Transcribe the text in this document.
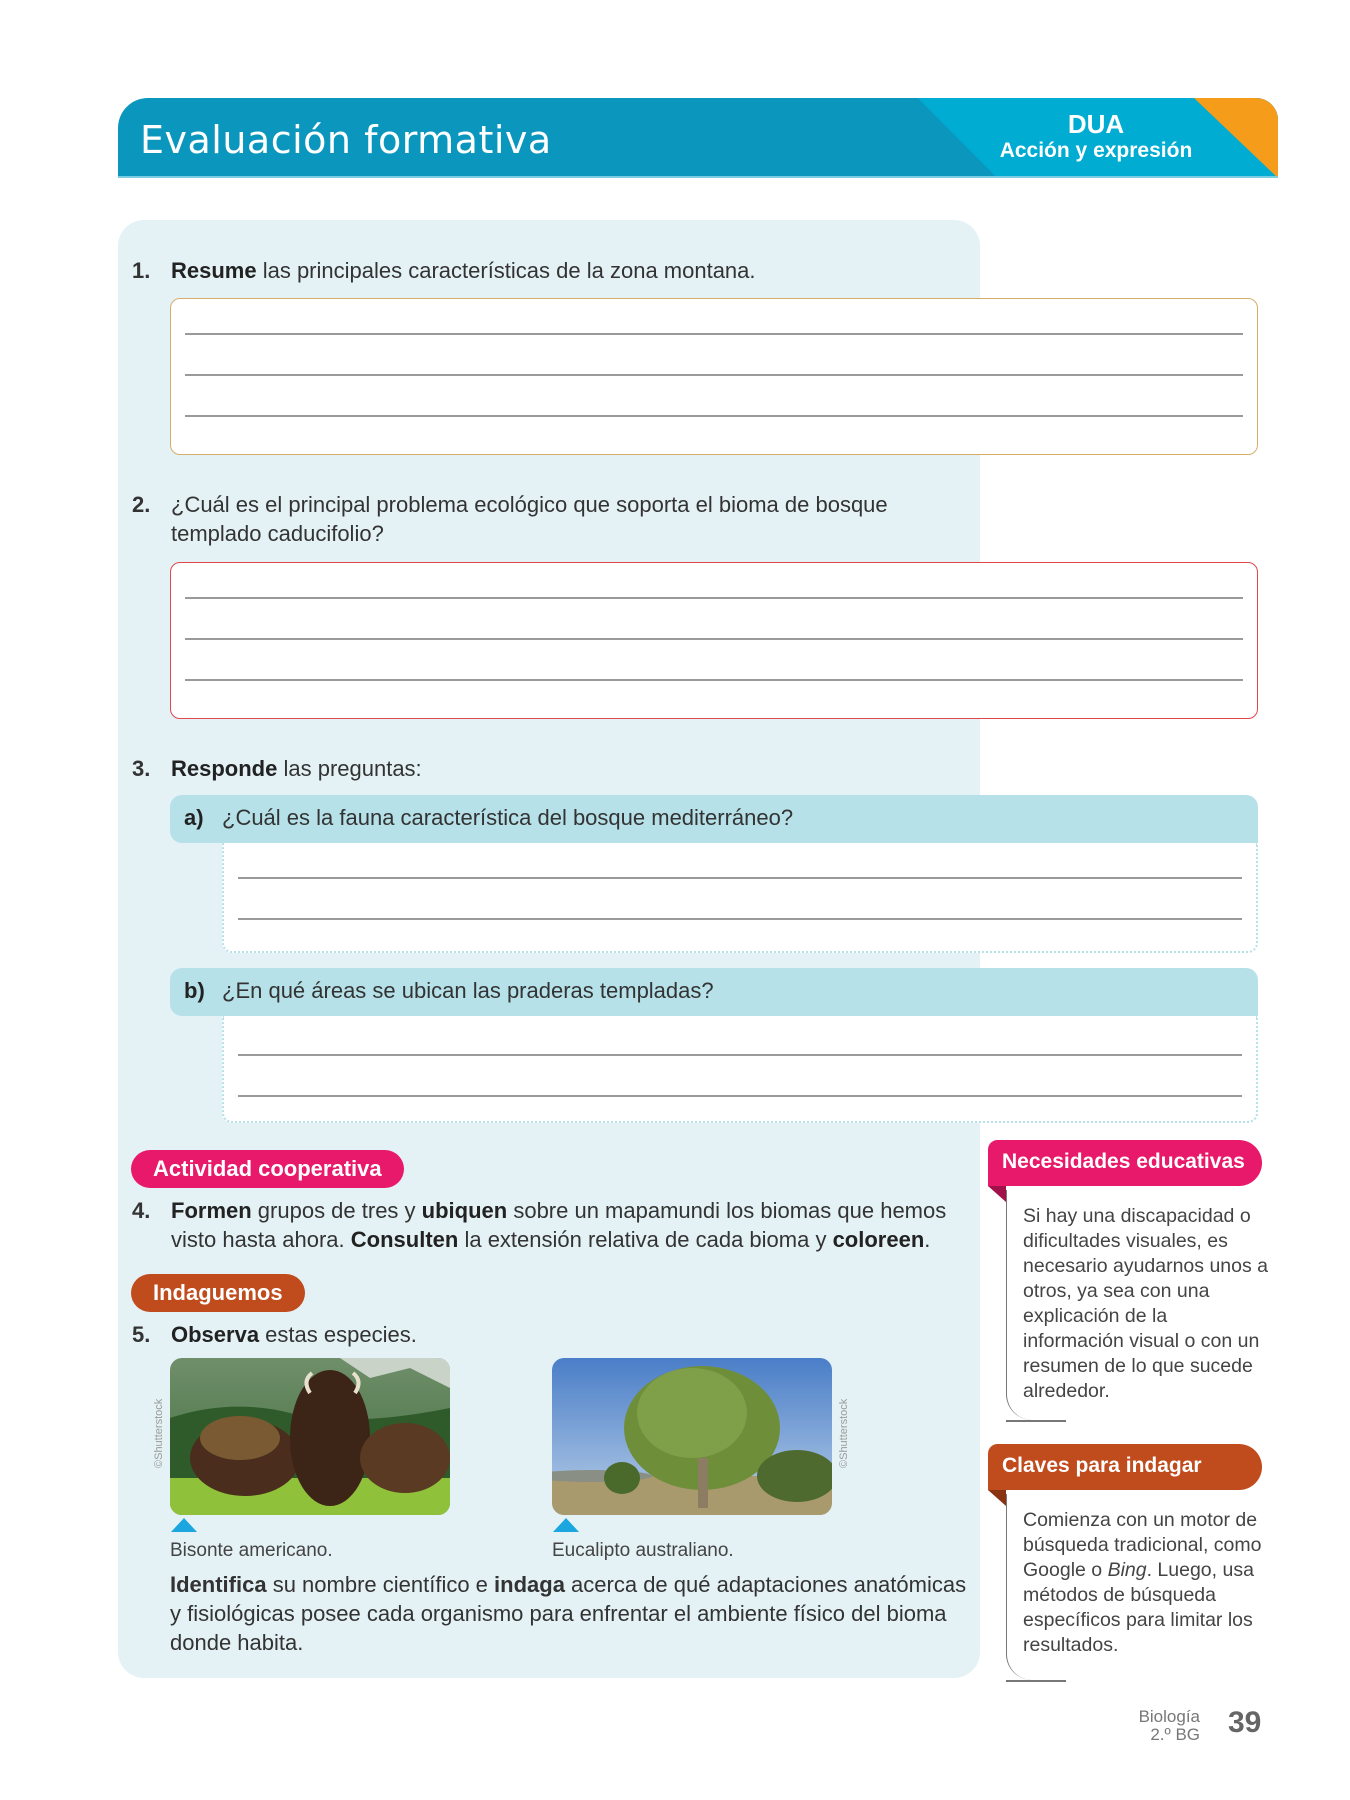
Evaluación formativa	DUA
Acción y expresión
1. Resume las principales características de la zona montana.
2. ¿Cuál es el principal problema ecológico que soporta el bioma de bosque templado caducifolio?
3. Responde las preguntas:
a) ¿Cuál es la fauna característica del bosque mediterráneo?
b) ¿En qué áreas se ubican las praderas templadas?
Actividad cooperativa
4. Formen grupos de tres y ubiquen sobre un mapamundi los biomas que hemos visto hasta ahora. Consulten la extensión relativa de cada bioma y coloreen.
Indaguemos
5. Observa estas especies.
©Shutterstock
Bisonte americano.
©Shutterstock
Eucalipto australiano.
Identifica su nombre científico e indaga acerca de qué adaptaciones anatómicas y fisiológicas posee cada organismo para enfrentar el ambiente físico del bioma donde habita.
Necesidades educativas
Si hay una discapacidad o dificultades visuales, es necesario ayudarnos unos a otros, ya sea con una explicación de la información visual o con un resumen de lo que sucede alrededor.
Claves para indagar
Comienza con un motor de búsqueda tradicional, como Google o Bing. Luego, usa métodos de búsqueda específicos para limitar los resultados.
Biología
2.º BG 39
